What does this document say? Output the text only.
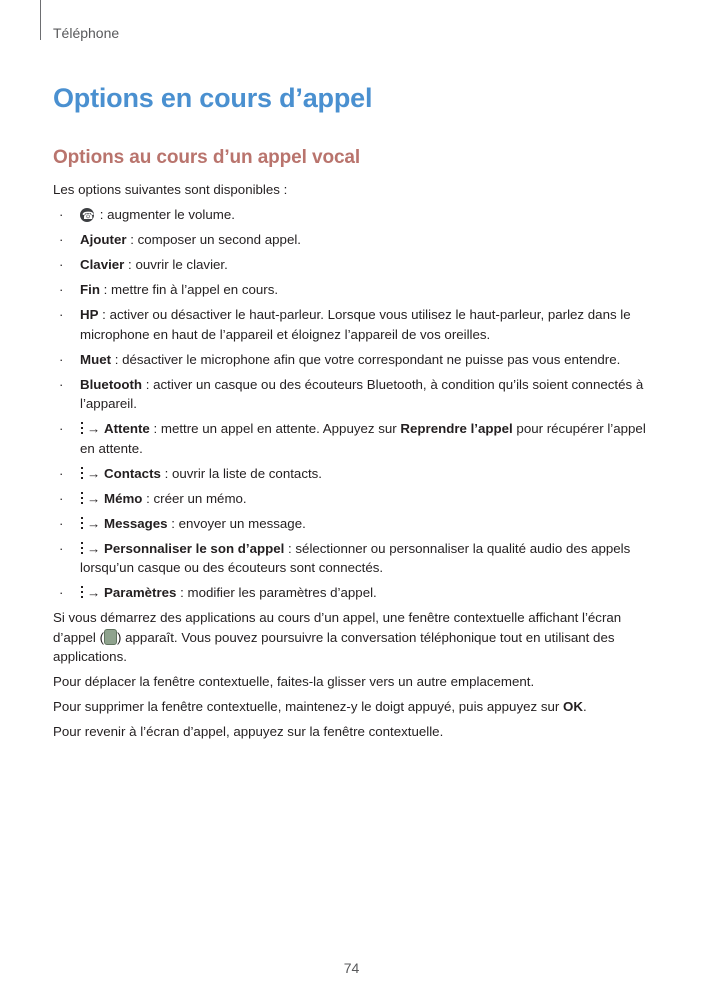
Téléphone
Options en cours d’appel
Options au cours d’un appel vocal

Les options suivantes sont disponibles :

·
☎ : augmenter le volume.
· Ajouter : composer un second appel.
· Clavier : ouvrir le clavier.
· Fin : mettre fin à l’appel en cours.
· HP : activer ou désactiver le haut-parleur. Lorsque vous utilisez le haut-parleur, parlez dans le microphone en haut de l’appareil et éloignez l’appareil de vos oreilles.
· Muet : désactiver le microphone afin que votre correspondant ne puisse pas vous entendre.
· Bluetooth : activer un casque ou des écouteurs Bluetooth, à condition qu’ils soient connectés à l’appareil.
· → Attente : mettre un appel en attente. Appuyez sur Reprendre l’appel pour récupérer l’appel en attente.
· → Contacts : ouvrir la liste de contacts.
· → Mémo : créer un mémo.
· → Messages : envoyer un message.
· → Personnaliser le son d’appel : sélectionner ou personnaliser la qualité audio des appels lorsqu’un casque ou des écouteurs sont connectés.
· → Paramètres : modifier les paramètres d’appel.

Si vous démarrez des applications au cours d’un appel, une fenêtre contextuelle affichant l’écran d’appel ( ) apparaît. Vous pouvez poursuivre la conversation téléphonique tout en utilisant des applications.

Pour déplacer la fenêtre contextuelle, faites-la glisser vers un autre emplacement.

Pour supprimer la fenêtre contextuelle, maintenez-y le doigt appuyé, puis appuyez sur OK.

Pour revenir à l’écran d’appel, appuyez sur la fenêtre contextuelle.

74
